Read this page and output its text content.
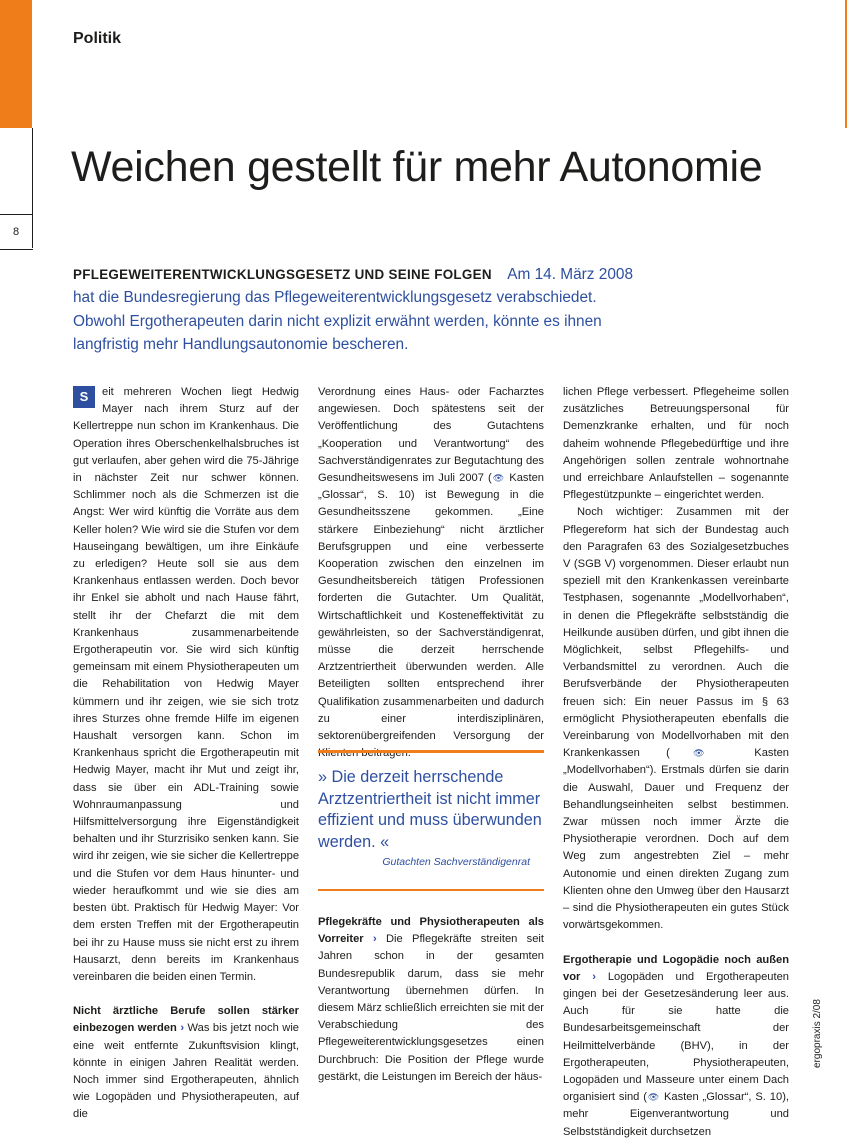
8
Politik
Weichen gestellt für mehr Autonomie

PFLEGEWEITERENTWICKLUNGSGESETZ UND SEINE FOLGEN Am 14. März 2008 hat die Bundesregierung das Pflegeweiterentwicklungsgesetz verabschiedet. Obwohl Ergotherapeuten darin nicht explizit erwähnt werden, könnte es ihnen langfristig mehr Handlungsautonomie bescheren.

S	eit mehreren Wochen liegt Hedwig Mayer nach ihrem Sturz auf der Kellertreppe nun schon im Krankenhaus. Die Operation ihres Oberschenkelhalsbruches ist gut verlaufen, aber gehen wird die 75-Jährige in nächster Zeit nur schwer können. Schlimmer noch als die Schmerzen ist die Angst: Wer wird künftig die Vorräte aus dem Keller holen? Wie wird sie die Stufen vor dem Hauseingang bewältigen, um ihre Einkäufe zu erledigen? Heute soll sie aus dem Krankenhaus entlassen werden. Doch bevor ihr Enkel sie abholt und nach Hause fährt, stellt ihr der Chefarzt die mit dem Krankenhaus zusammenarbeitende Ergotherapeutin vor. Sie wird sich künftig gemeinsam mit einem Physiotherapeuten um die Rehabilitation von Hedwig Mayer kümmern und ihr zeigen, wie sie sich trotz ihres Sturzes ohne fremde Hilfe im eigenen Haushalt versorgen kann. Schon im Krankenhaus spricht die Ergotherapeutin mit Hedwig Mayer, macht ihr Mut und zeigt ihr, dass sie über ein ADL-Training sowie Wohnraumanpassung und Hilfsmittelversorgung ihre Eigenständigkeit behalten und ihr Sturzrisiko senken kann. Sie wird ihr zeigen, wie sie sicher die Kellertreppe und die Stufen vor dem Haus hinunter- und wieder heraufkommt und wie sie dies am besten übt. Praktisch für Hedwig Mayer: Vor dem ersten Treffen mit der Ergotherapeutin bei ihr zu Hause muss sie nicht erst zu ihrem Hausarzt, denn bereits im Krankenhaus vereinbaren die beiden einen Termin.

Nicht ärztliche Berufe sollen stärker einbezogen werden › Was bis jetzt noch wie eine weit entfernte Zukunftsvision klingt, könnte in einigen Jahren Realität werden. Noch immer sind Ergotherapeuten, ähnlich wie Logopäden und Physiotherapeuten, auf die

Verordnung eines Haus- oder Facharztes angewiesen. Doch spätestens seit der Veröffentlichung des Gutachtens „Kooperation und Verantwortung“ des Sachverständigenrates zur Begutachtung des Gesundheitswesens im Juli 2007 (👁 Kasten „Glossar“, S. 10) ist Bewegung in die Gesundheitsszene gekommen. „Eine stärkere Einbeziehung“ nicht ärztlicher Berufsgruppen und eine verbesserte Kooperation zwischen den einzelnen im Gesundheitsbereich tätigen Professionen forderten die Gutachter. Um Qualität, Wirtschaftlichkeit und Kosteneffektivität zu gewährleisten, so der Sachverständigenrat, müsse die derzeit herrschende Arztzentriertheit überwunden werden. Alle Beteiligten sollten entsprechend ihrer Qualifikation zusammenarbeiten und dadurch zu einer interdisziplinären, sektorenübergreifenden Versorgung der Klienten beitragen.

» Die derzeit herrschende Arztzentriertheit ist nicht immer effizient und muss überwunden werden. «
Gutachten Sachverständigenrat

Pflegekräfte und Physiotherapeuten als Vorreiter › Die Pflegekräfte streiten seit Jahren schon in der gesamten Bundesrepublik darum, dass sie mehr Verantwortung übernehmen dürfen. In diesem März schließlich erreichten sie mit der Verabschiedung des Pflegeweiterentwicklungsgesetzes einen Durchbruch: Die Position der Pflege wurde gestärkt, die Leistungen im Bereich der häus-

lichen Pflege verbessert. Pflegeheime sollen zusätzliches Betreuungspersonal für Demenzkranke erhalten, und für noch daheim wohnende Pflegebedürftige und ihre Angehörigen sollen zentrale wohnortnahe und erreichbare Anlaufstellen – sogenannte Pflegestützpunkte – eingerichtet werden.

Noch wichtiger: Zusammen mit der Pflegereform hat sich der Bundestag auch den Paragrafen 63 des Sozialgesetzbuches V (SGB V) vorgenommen. Dieser erlaubt nun speziell mit den Krankenkassen vereinbarte Testphasen, sogenannte „Modellvorhaben“, in denen die Pflegekräfte selbstständig die Heilkunde ausüben dürfen, und gibt ihnen die Möglichkeit, selbst Pflegehilfs- und Verbandsmittel zu verordnen. Auch die Berufsverbände der Physiotherapeuten freuen sich: Ein neuer Passus im § 63 ermöglicht Physiotherapeuten ebenfalls die Vereinbarung von Modellvorhaben mit den Krankenkassen (👁 Kasten „Modellvorhaben“). Erstmals dürfen sie darin die Auswahl, Dauer und Frequenz der Behandlungseinheiten selbst bestimmen. Zwar müssen noch immer Ärzte die Physiotherapie verordnen. Doch auf dem Weg zum angestrebten Ziel – mehr Autonomie und einen direkten Zugang zum Klienten ohne den Umweg über den Hausarzt – sind die Physiotherapeuten ein gutes Stück vorwärtsgekommen.

Ergotherapie und Logopädie noch außen vor › Logopäden und Ergotherapeuten gingen bei der Gesetzesänderung leer aus. Auch für sie hatte die Bundesarbeitsgemeinschaft der Heilmittelverbände (BHV), in der Ergotherapeuten, Physiotherapeuten, Logopäden und Masseure unter einem Dach organisiert sind (👁 Kasten „Glossar“, S. 10), mehr Eigenverantwortung und Selbstständigkeit durchsetzen

ergopraxis 2/08
